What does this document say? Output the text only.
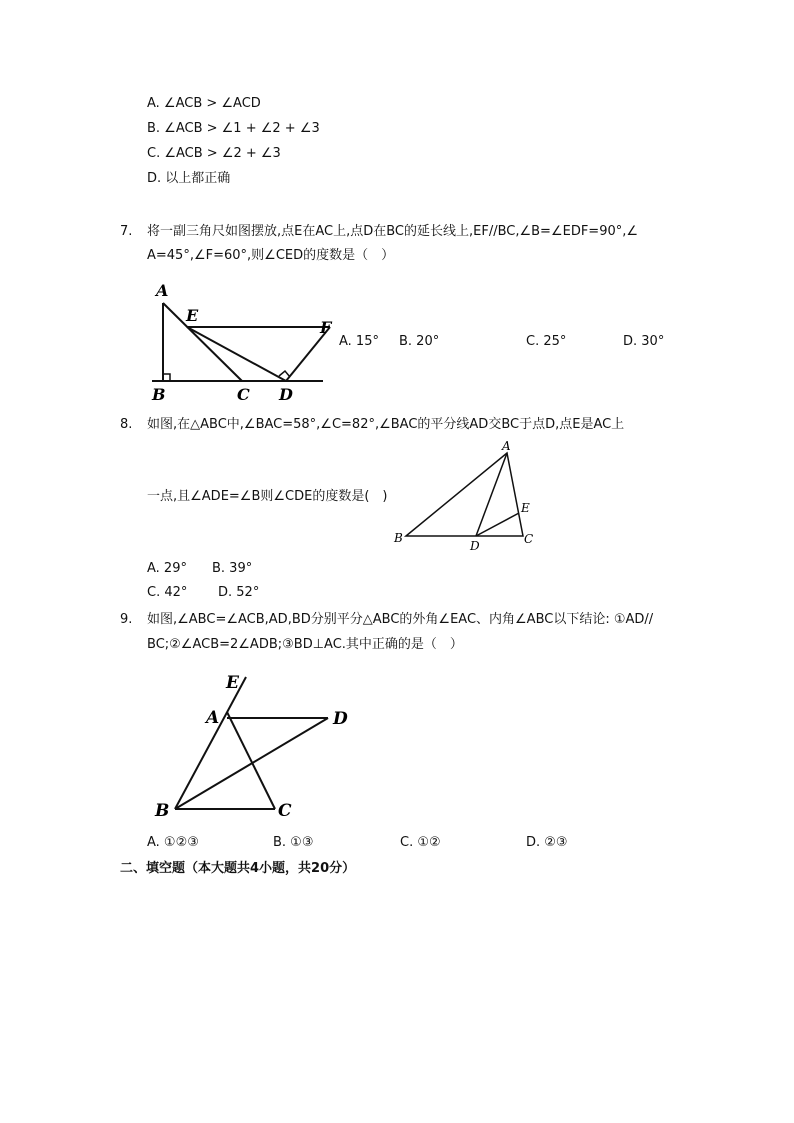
A. ∠ACB > ∠ACD
B. ∠ACB > ∠1 + ∠2 + ∠3
C. ∠ACB > ∠2 + ∠3
D. 以上都正确
7. 将一副三角尺如图摆放,点E在AC上,点D在BC的延长线上,EF//BC,∠B=∠EDF=90°,∠
A=45°,∠F=60°,则∠CED的度数是（　）
A
E
F
B	C D
A. 15° B. 20°	C. 25°	D. 30°
8. 如图,在△ABC中,∠BAC=58°,∠C=82°,∠BAC的平分线AD交BC于点D,点E是AC上
一点,且∠ADE=∠B则∠CDE的度数是(　)
A
E
B
D	C
A. 29° B. 39°
C. 42° D. 52°
9. 如图,∠ABC=∠ACB,AD,BD分别平分△ABC的外角∠EAC、内角∠ABC以下结论: ①AD//
BC;②∠ACB=2∠ADB;③BD⊥AC.其中正确的是（　）
E
A	D
B	C
A. ①②③	B. ①③	C. ①②	D. ②③
二、填空题（本大题共4小题，共20分）
